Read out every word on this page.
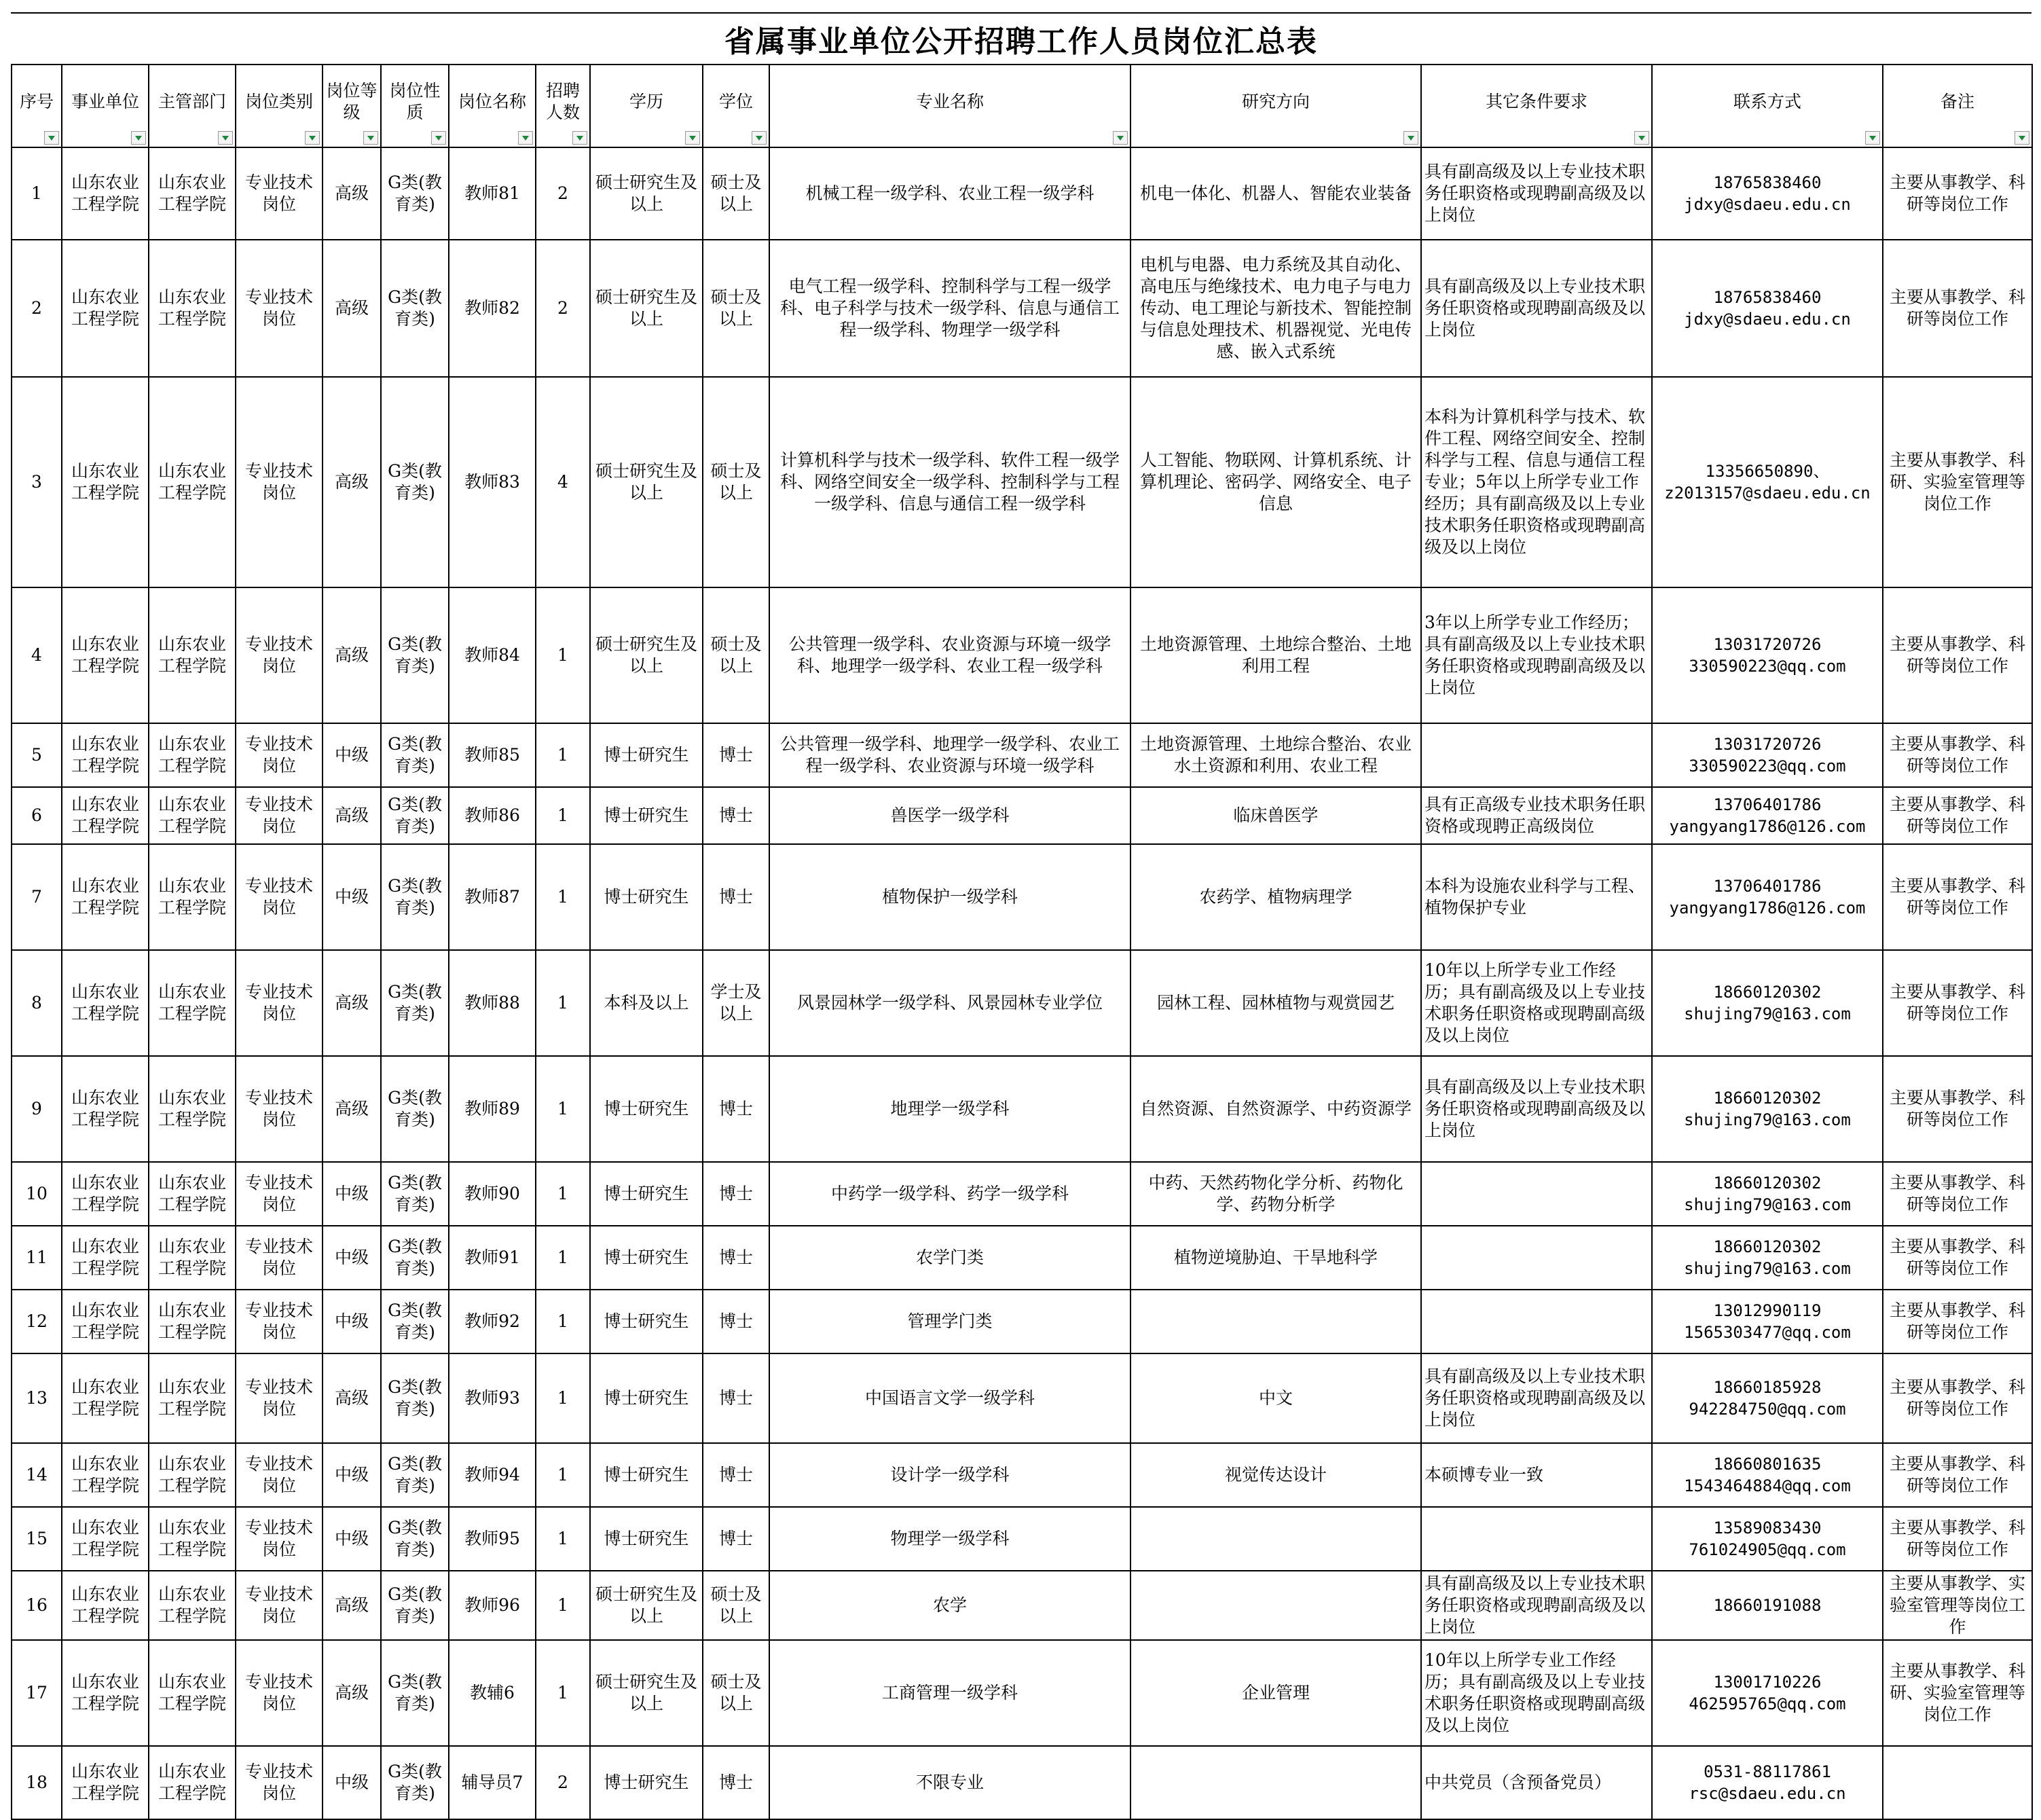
省属事业单位公开招聘工作人员岗位汇总表
序号	事业单位	主管部门	岗位类别	岗位等级	岗位性质	岗位名称	招聘人数	学历	学位	专业名称	研究方向	其它条件要求	联系方式	备注

1	山东农业工程学院	山东农业工程学院	专业技术岗位	高级	G类(教育类)	教师81	2	硕士研究生及以上	硕士及以上	机械工程一级学科、农业工程一级学科	机电一体化、机器人、智能农业装备	具有副高级及以上专业技术职务任职资格或现聘副高级及以上岗位	18765838460
jdxy@sdaeu.edu.cn	主要从事教学、科研等岗位工作
2	山东农业工程学院	山东农业工程学院	专业技术岗位	高级	G类(教育类)	教师82	2	硕士研究生及以上	硕士及以上	电气工程一级学科、控制科学与工程一级学科、电子科学与技术一级学科、信息与通信工程一级学科、物理学一级学科	电机与电器、电力系统及其自动化、高电压与绝缘技术、电力电子与电力传动、电工理论与新技术、智能控制与信息处理技术、机器视觉、光电传感、嵌入式系统	具有副高级及以上专业技术职务任职资格或现聘副高级及以上岗位	18765838460
jdxy@sdaeu.edu.cn	主要从事教学、科研等岗位工作
3	山东农业工程学院	山东农业工程学院	专业技术岗位	高级	G类(教育类)	教师83	4	硕士研究生及以上	硕士及以上	计算机科学与技术一级学科、软件工程一级学科、网络空间安全一级学科、控制科学与工程一级学科、信息与通信工程一级学科	人工智能、物联网、计算机系统、计算机理论、密码学、网络安全、电子信息	本科为计算机科学与技术、软件工程、网络空间安全、控制科学与工程、信息与通信工程专业；5年以上所学专业工作经历；具有副高级及以上专业技术职务任职资格或现聘副高级及以上岗位	13356650890、
z2013157@sdaeu.edu.cn	主要从事教学、科研、实验室管理等岗位工作
4	山东农业工程学院	山东农业工程学院	专业技术岗位	高级	G类(教育类)	教师84	1	硕士研究生及以上	硕士及以上	公共管理一级学科、农业资源与环境一级学科、地理学一级学科、农业工程一级学科	土地资源管理、土地综合整治、土地利用工程	3年以上所学专业工作经历；具有副高级及以上专业技术职务任职资格或现聘副高级及以上岗位	13031720726
330590223@qq.com	主要从事教学、科研等岗位工作
5	山东农业工程学院	山东农业工程学院	专业技术岗位	中级	G类(教育类)	教师85	1	博士研究生	博士	公共管理一级学科、地理学一级学科、农业工程一级学科、农业资源与环境一级学科	土地资源管理、土地综合整治、农业水土资源和利用、农业工程		13031720726
330590223@qq.com	主要从事教学、科研等岗位工作
6	山东农业工程学院	山东农业工程学院	专业技术岗位	高级	G类(教育类)	教师86	1	博士研究生	博士	兽医学一级学科	临床兽医学	具有正高级专业技术职务任职资格或现聘正高级岗位	13706401786
yangyang1786@126.com	主要从事教学、科研等岗位工作
7	山东农业工程学院	山东农业工程学院	专业技术岗位	中级	G类(教育类)	教师87	1	博士研究生	博士	植物保护一级学科	农药学、植物病理学	本科为设施农业科学与工程、植物保护专业	13706401786
yangyang1786@126.com	主要从事教学、科研等岗位工作
8	山东农业工程学院	山东农业工程学院	专业技术岗位	高级	G类(教育类)	教师88	1	本科及以上	学士及以上	风景园林学一级学科、风景园林专业学位	园林工程、园林植物与观赏园艺	10年以上所学专业工作经历；具有副高级及以上专业技术职务任职资格或现聘副高级及以上岗位	18660120302
shujing79@163.com	主要从事教学、科研等岗位工作
9	山东农业工程学院	山东农业工程学院	专业技术岗位	高级	G类(教育类)	教师89	1	博士研究生	博士	地理学一级学科	自然资源、自然资源学、中药资源学	具有副高级及以上专业技术职务任职资格或现聘副高级及以上岗位	18660120302
shujing79@163.com	主要从事教学、科研等岗位工作
10	山东农业工程学院	山东农业工程学院	专业技术岗位	中级	G类(教育类)	教师90	1	博士研究生	博士	中药学一级学科、药学一级学科	中药、天然药物化学分析、药物化学、药物分析学		18660120302
shujing79@163.com	主要从事教学、科研等岗位工作
11	山东农业工程学院	山东农业工程学院	专业技术岗位	中级	G类(教育类)	教师91	1	博士研究生	博士	农学门类	植物逆境胁迫、干旱地科学		18660120302
shujing79@163.com	主要从事教学、科研等岗位工作
12	山东农业工程学院	山东农业工程学院	专业技术岗位	中级	G类(教育类)	教师92	1	博士研究生	博士	管理学门类			13012990119
1565303477@qq.com	主要从事教学、科研等岗位工作
13	山东农业工程学院	山东农业工程学院	专业技术岗位	高级	G类(教育类)	教师93	1	博士研究生	博士	中国语言文学一级学科	中文	具有副高级及以上专业技术职务任职资格或现聘副高级及以上岗位	18660185928
942284750@qq.com	主要从事教学、科研等岗位工作
14	山东农业工程学院	山东农业工程学院	专业技术岗位	中级	G类(教育类)	教师94	1	博士研究生	博士	设计学一级学科	视觉传达设计	本硕博专业一致	18660801635
1543464884@qq.com	主要从事教学、科研等岗位工作
15	山东农业工程学院	山东农业工程学院	专业技术岗位	中级	G类(教育类)	教师95	1	博士研究生	博士	物理学一级学科			13589083430
761024905@qq.com	主要从事教学、科研等岗位工作
16	山东农业工程学院	山东农业工程学院	专业技术岗位	高级	G类(教育类)	教师96	1	硕士研究生及以上	硕士及以上	农学		具有副高级及以上专业技术职务任职资格或现聘副高级及以上岗位	18660191088	主要从事教学、实验室管理等岗位工作
17	山东农业工程学院	山东农业工程学院	专业技术岗位	高级	G类(教育类)	教辅6	1	硕士研究生及以上	硕士及以上	工商管理一级学科	企业管理	10年以上所学专业工作经历；具有副高级及以上专业技术职务任职资格或现聘副高级及以上岗位	13001710226
462595765@qq.com	主要从事教学、科研、实验室管理等岗位工作
18	山东农业工程学院	山东农业工程学院	专业技术岗位	中级	G类(教育类)	辅导员7	2	博士研究生	博士	不限专业		中共党员（含预备党员）	0531-88117861
rsc@sdaeu.edu.cn	
